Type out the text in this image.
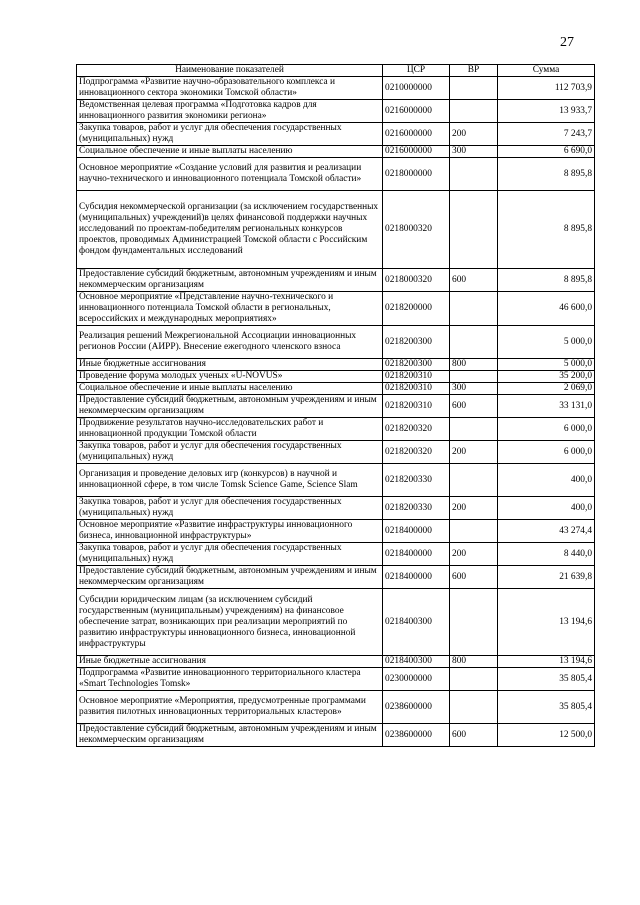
27
Наименование показателей	ЦСР	ВР	Сумма
Подпрограмма «Развитие научно-образовательного комплекса и инновационного сектора экономики Томской области»	0210000000		112 703,9
Ведомственная целевая программа «Подготовка кадров для инновационного развития экономики региона»	0216000000		13 933,7
Закупка товаров, работ и услуг для обеспечения государственных (муниципальных) нужд	0216000000	200	7 243,7
Социальное обеспечение и иные выплаты населению	0216000000	300	6 690,0
Основное мероприятие «Создание условий для развития и реализации научно-технического и инновационного потенциала Томской области»	0218000000		8 895,8
Субсидия некоммерческой организации (за исключением государственных (муниципальных) учреждений)в целях финансовой поддержки научных исследований по проектам-победителям региональных конкурсов проектов, проводимых Администрацией Томской области с Российским фондом фундаментальных исследований	0218000320		8 895,8
Предоставление субсидий бюджетным, автономным учреждениям и иным некоммерческим организациям	0218000320	600	8 895,8
Основное мероприятие «Представление научно-технического и инновационного потенциала Томской области в региональных, всероссийских и международных мероприятиях»	0218200000		46 600,0
Реализация решений Межрегиональной Ассоциации инновационных регионов России (АИРР). Внесение ежегодного членского взноса	0218200300		5 000,0
Иные бюджетные ассигнования	0218200300	800	5 000,0
Проведение форума молодых ученых «U-NOVUS»	0218200310		35 200,0
Социальное обеспечение и иные выплаты населению	0218200310	300	2 069,0
Предоставление субсидий бюджетным, автономным учреждениям и иным некоммерческим организациям	0218200310	600	33 131,0
Продвижение результатов научно-исследовательских работ и инновационной продукции Томской области	0218200320		6 000,0
Закупка товаров, работ и услуг для обеспечения государственных (муниципальных) нужд	0218200320	200	6 000,0
Организация и проведение деловых игр (конкурсов) в научной и инновационной сфере, в том числе Tomsk Science Game, Science Slam	0218200330		400,0
Закупка товаров, работ и услуг для обеспечения государственных (муниципальных) нужд	0218200330	200	400,0
Основное мероприятие «Развитие инфраструктуры инновационного бизнеса, инновационной инфраструктуры»	0218400000		43 274,4
Закупка товаров, работ и услуг для обеспечения государственных (муниципальных) нужд	0218400000	200	8 440,0
Предоставление субсидий бюджетным, автономным учреждениям и иным некоммерческим организациям	0218400000	600	21 639,8
Субсидии юридическим лицам (за исключением субсидий государственным (муниципальным) учреждениям) на финансовое обеспечение затрат, возникающих при реализации мероприятий по развитию инфраструктуры инновационного бизнеса, инновационной инфраструктуры	0218400300		13 194,6
Иные бюджетные ассигнования	0218400300	800	13 194,6
Подпрограмма «Развитие инновационного территориального кластера «Smart Technologies Tomsk»	0230000000		35 805,4
Основное мероприятие «Мероприятия, предусмотренные программами развития пилотных инновационных территориальных кластеров»	0238600000		35 805,4
Предоставление субсидий бюджетным, автономным учреждениям и иным некоммерческим организациям	0238600000	600	12 500,0
